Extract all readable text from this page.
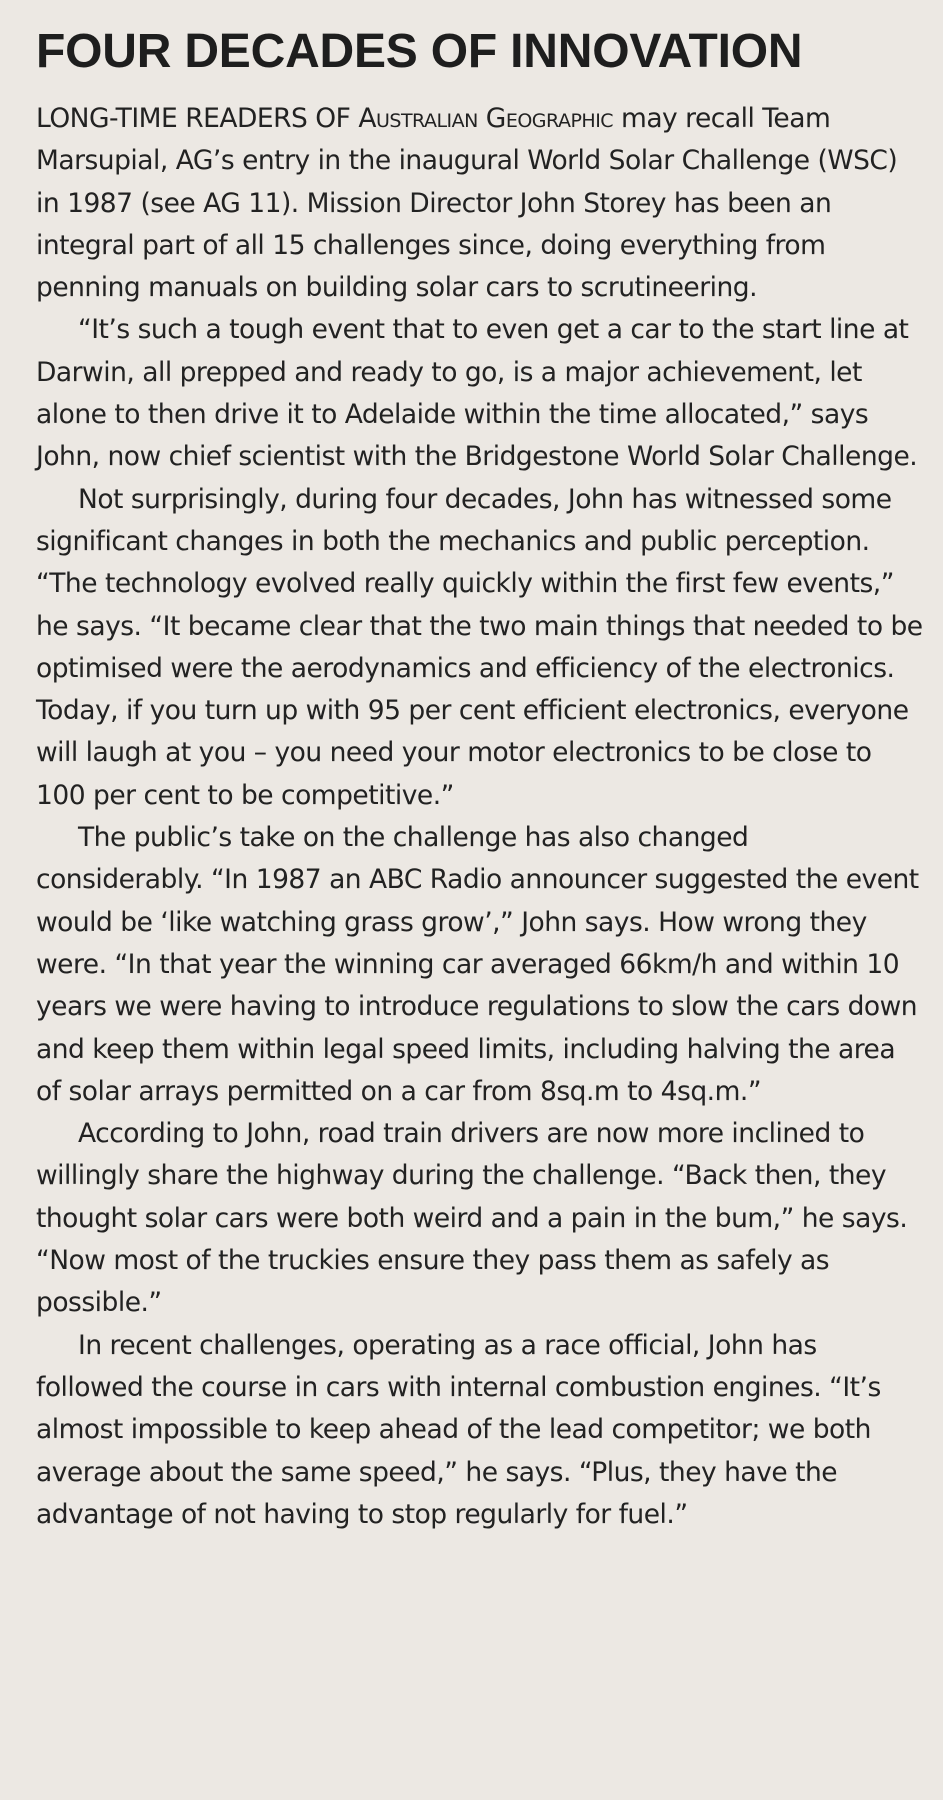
FOUR DECADES OF INNOVATION

LONG-TIME READERS OF Australian Geographic may recall Team Marsupial, AG’s entry in the inaugural World Solar Challenge (WSC) in 1987 (see AG 11). Mission Director John Storey has been an integral part of all 15 challenges since, doing everything from penning manuals on building solar cars to scrutineering.

“It’s such a tough event that to even get a car to the start line at Darwin, all prepped and ready to go, is a major achievement, let alone to then drive it to Adelaide within the time allocated,” says John, now chief scientist with the Bridgestone World Solar Challenge.

Not surprisingly, during four decades, John has witnessed some significant changes in both the mechanics and public perception. “The technology evolved really quickly within the first few events,” he says. “It became clear that the two main things that needed to be optimised were the aerodynamics and efficiency of the electronics. Today, if you turn up with 95 per cent efficient electronics, everyone will laugh at you – you need your motor electronics to be close to 100 per cent to be competitive.”

The public’s take on the challenge has also changed considerably. “In 1987 an ABC Radio announcer suggested the event would be ‘like watching grass grow’,” John says. How wrong they were. “In that year the winning car averaged 66km/h and within 10 years we were having to introduce regulations to slow the cars down and keep them within legal speed limits, including halving the area of solar arrays permitted on a car from 8sq.m to 4sq.m.”

According to John, road train drivers are now more inclined to willingly share the highway during the challenge. “Back then, they thought solar cars were both weird and a pain in the bum,” he says. “Now most of the truckies ensure they pass them as safely as possible.”

In recent challenges, operating as a race official, John has followed the course in cars with internal combustion engines. “It’s almost impossible to keep ahead of the lead competitor; we both average about the same speed,” he says. “Plus, they have the advantage of not having to stop regularly for fuel.”
